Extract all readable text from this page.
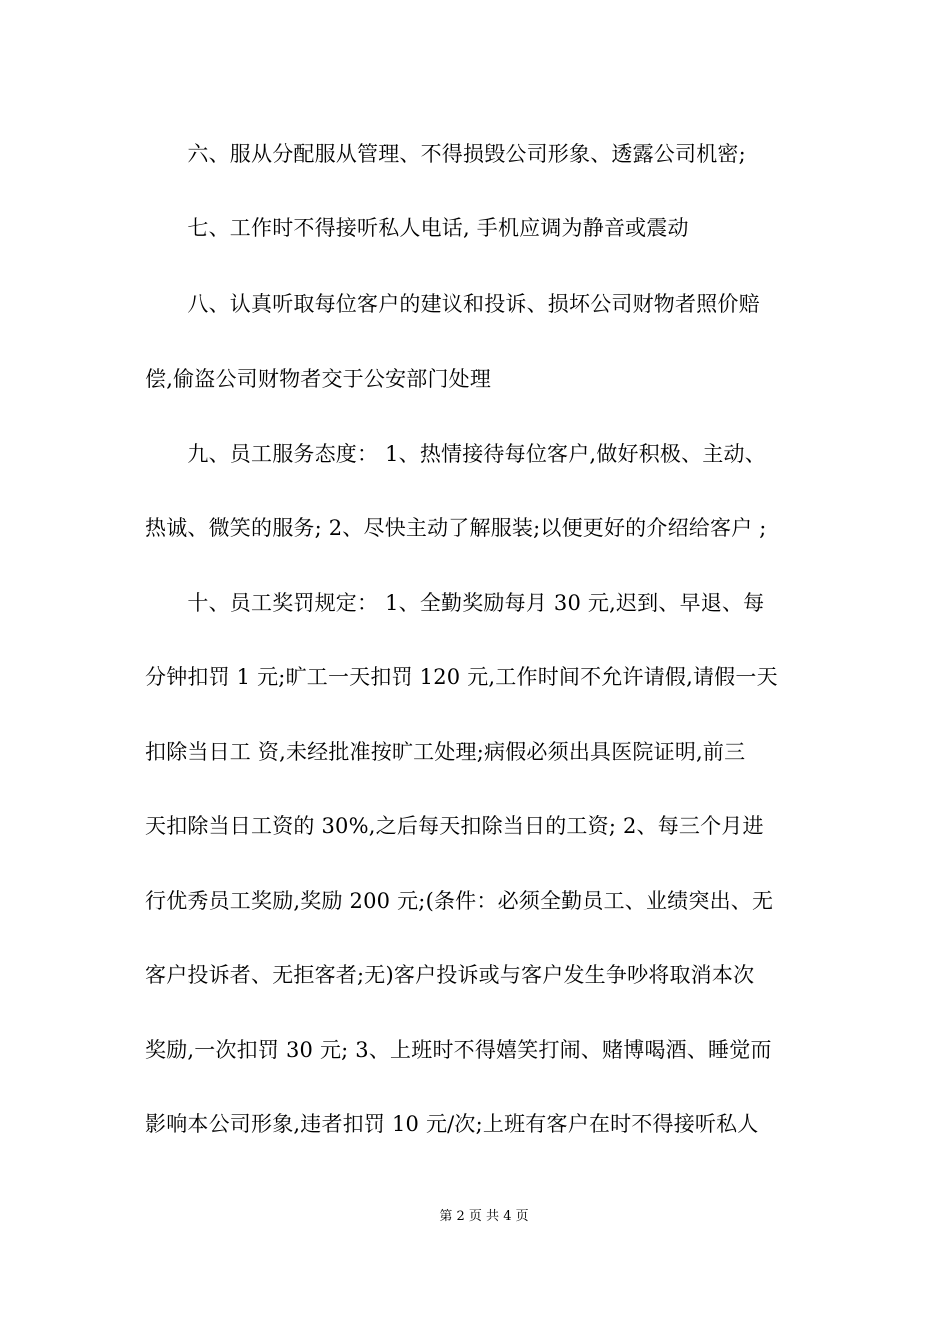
　　六、服从分配服从管理、不得损毁公司形象、透露公司机密;
　　七、工作时不得接听私人电话, 手机应调为静音或震动
　　八、认真听取每位客户的建议和投诉、损坏公司财物者照价赔
偿,偷盗公司财物者交于公安部门处理
　　九、员工服务态度： 1、热情接待每位客户,做好积极、主动、
热诚、微笑的服务; 2、尽快主动了解服装;以便更好的介绍给客户 ;
　　十、员工奖罚规定： 1、全勤奖励每月 30 元,迟到、早退、每
分钟扣罚 1 元;旷工一天扣罚 120 元,工作时间不允许请假,请假一天
扣除当日工 资,未经批准按旷工处理;病假必须出具医院证明,前三
天扣除当日工资的 30%,之后每天扣除当日的工资; 2、每三个月进
行优秀员工奖励,奖励 200 元;(条件：必须全勤员工、业绩突出、无
客户投诉者、无拒客者;无)客户投诉或与客户发生争吵将取消本次
奖励,一次扣罚 30 元; 3、上班时不得嬉笑打闹、赌博喝酒、睡觉而
影响本公司形象,违者扣罚 10 元/次;上班有客户在时不得接听私人
第 2 页 共 4 页
